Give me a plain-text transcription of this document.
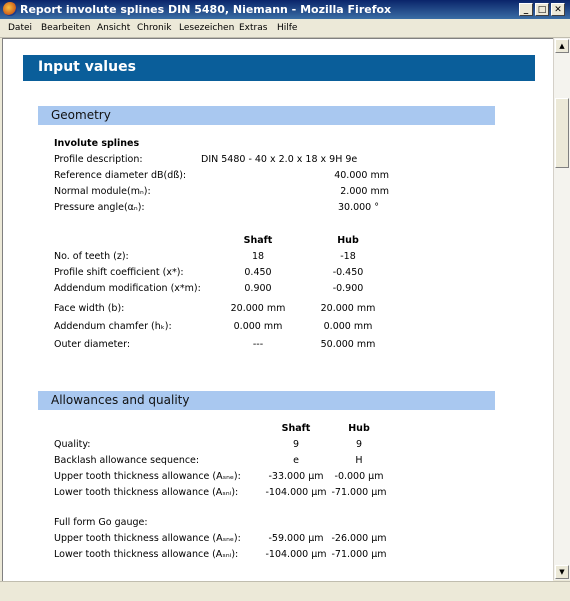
Report involute splines DIN 5480, Niemann - Mozilla Firefox	_	□ ✕
Datei Bearbeiten Ansicht Chronik Lesezeichen Extras Hilfe
Input values
Geometry
Involute splines
Profile description:	DIN 5480 - 40 x 2.0 x 18 x 9H 9e
Reference diameter dB(dß):	40.000 mm
Normal module(mₙ):	2.000 mm
Pressure angle(αₙ):	30.000 °
Shaft	Hub
No. of teeth (z):	18	-18
Profile shift coefficient (x*):	0.450	-0.450
Addendum modification (x*m):	0.900	-0.900
Face width (b):	20.000 mm	20.000 mm
Addendum chamfer (hₖ):	0.000 mm	0.000 mm
Outer diameter:	---	50.000 mm
Allowances and quality
Shaft	Hub
Quality:	9	9
Backlash allowance sequence:	e	H
Upper tooth thickness allowance (Aₛₙₑ):	-33.000 µm	-0.000 µm
Lower tooth thickness allowance (Aₛₙᵢ):	-104.000 µm -71.000 µm
Full form Go gauge:
Upper tooth thickness allowance (Aₛₙₑ):	-59.000 µm -26.000 µm
Lower tooth thickness allowance (Aₛₙᵢ):	-104.000 µm -71.000 µm
▲
▼
